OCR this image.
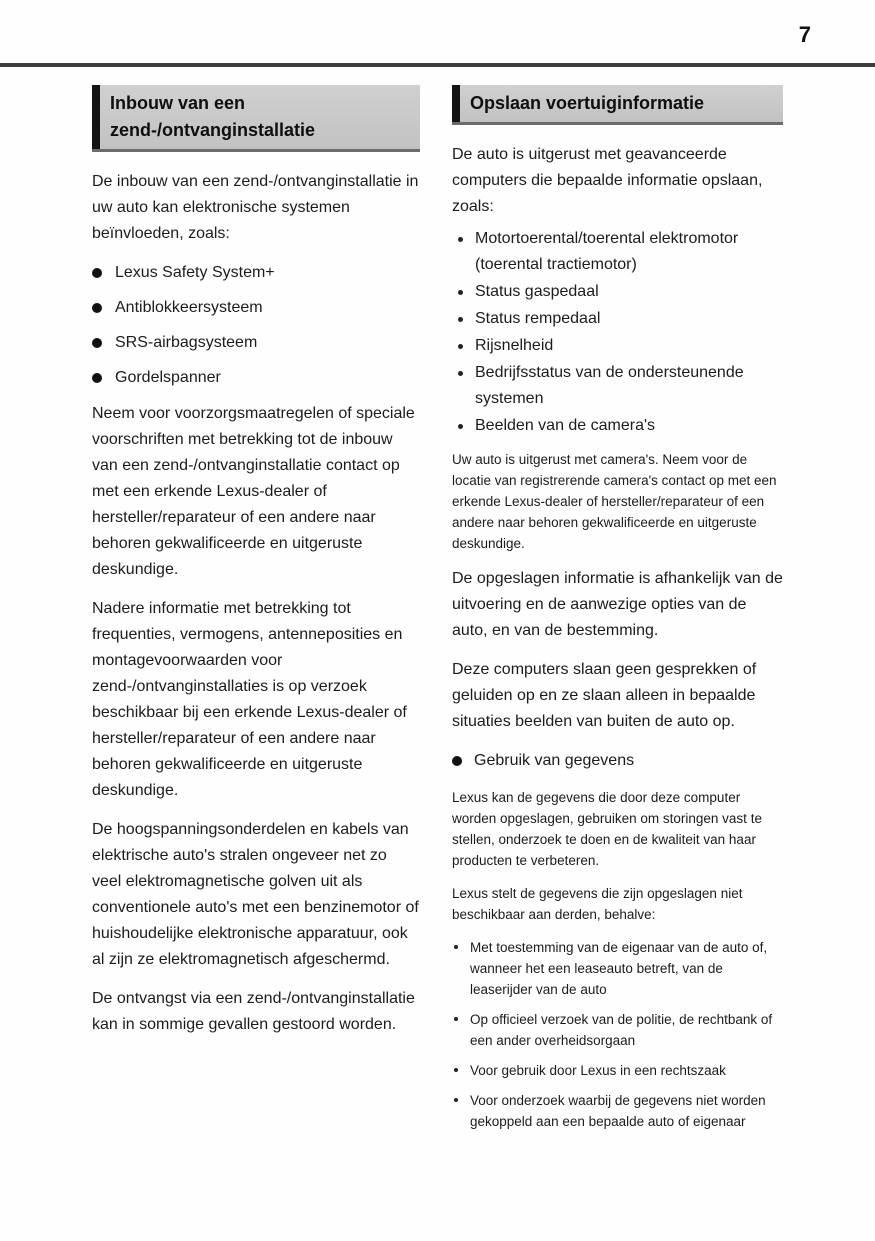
7
Inbouw van een zend-/ontvanginstallatie

De inbouw van een zend-/ontvanginstallatie in uw auto kan elektronische systemen beïnvloeden, zoals:

Lexus Safety System+
Antiblokkeersysteem
SRS-airbagsysteem
Gordelspanner

Neem voor voorzorgsmaatregelen of speciale voorschriften met betrekking tot de inbouw van een zend-/ontvanginstallatie contact op met een erkende Lexus-dealer of hersteller/reparateur of een andere naar behoren gekwalificeerde en uitgeruste deskundige.

Nadere informatie met betrekking tot frequenties, vermogens, antenneposities en montagevoorwaarden voor zend-/ontvanginstallaties is op verzoek beschikbaar bij een erkende Lexus-dealer of hersteller/reparateur of een andere naar behoren gekwalificeerde en uitgeruste deskundige.

De hoogspanningsonderdelen en kabels van elektrische auto's stralen ongeveer net zo veel elektromagnetische golven uit als conventionele auto's met een benzinemotor of huishoudelijke elektronische apparatuur, ook al zijn ze elektromagnetisch afgeschermd.

De ontvangst via een zend-/ontvanginstallatie kan in sommige gevallen gestoord worden.

Opslaan voertuiginformatie

De auto is uitgerust met geavanceerde computers die bepaalde informatie opslaan, zoals:

Motortoerental/toerental elektromotor (toerental tractiemotor)
Status gaspedaal
Status rempedaal
Rijsnelheid
Bedrijfsstatus van de ondersteunende systemen
Beelden van de camera's

Uw auto is uitgerust met camera's. Neem voor de locatie van registrerende camera's contact op met een erkende Lexus-dealer of hersteller/reparateur of een andere naar behoren gekwalificeerde en uitgeruste deskundige.

De opgeslagen informatie is afhankelijk van de uitvoering en de aanwezige opties van de auto, en van de bestemming.

Deze computers slaan geen gesprekken of geluiden op en ze slaan alleen in bepaalde situaties beelden van buiten de auto op.

Gebruik van gegevens

Lexus kan de gegevens die door deze computer worden opgeslagen, gebruiken om storingen vast te stellen, onderzoek te doen en de kwaliteit van haar producten te verbeteren.

Lexus stelt de gegevens die zijn opgeslagen niet beschikbaar aan derden, behalve:

Met toestemming van de eigenaar van de auto of, wanneer het een leaseauto betreft, van de leaserijder van de auto
Op officieel verzoek van de politie, de rechtbank of een ander overheidsorgaan
Voor gebruik door Lexus in een rechtszaak
Voor onderzoek waarbij de gegevens niet worden gekoppeld aan een bepaalde auto of eigenaar
